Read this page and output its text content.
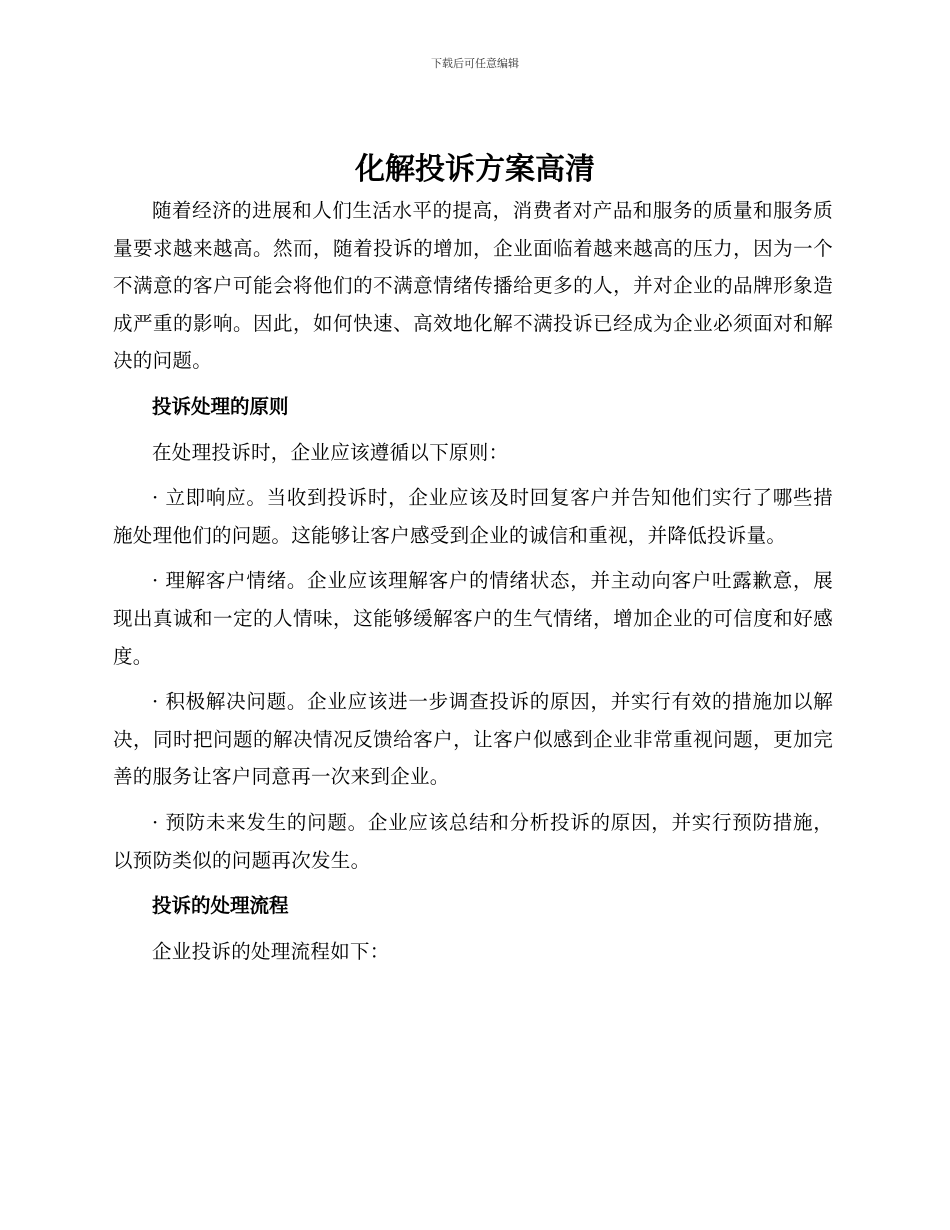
下载后可任意编辑
化解投诉方案高清

随着经济的进展和人们生活水平的提高，消费者对产品和服务的质量和服务质量要求越来越高。然而，随着投诉的增加，企业面临着越来越高的压力，因为一个不满意的客户可能会将他们的不满意情绪传播给更多的人，并对企业的品牌形象造成严重的影响。因此，如何快速、高效地化解不满投诉已经成为企业必须面对和解决的问题。

投诉处理的原则

在处理投诉时，企业应该遵循以下原则：

· 立即响应。当收到投诉时，企业应该及时回复客户并告知他们实行了哪些措施处理他们的问题。这能够让客户感受到企业的诚信和重视，并降低投诉量。

· 理解客户情绪。企业应该理解客户的情绪状态，并主动向客户吐露歉意，展现出真诚和一定的人情味，这能够缓解客户的生气情绪，增加企业的可信度和好感度。

· 积极解决问题。企业应该进一步调查投诉的原因，并实行有效的措施加以解决，同时把问题的解决情况反馈给客户，让客户似感到企业非常重视问题，更加完善的服务让客户同意再一次来到企业。

· 预防未来发生的问题。企业应该总结和分析投诉的原因，并实行预防措施，以预防类似的问题再次发生。

投诉的处理流程

企业投诉的处理流程如下：
